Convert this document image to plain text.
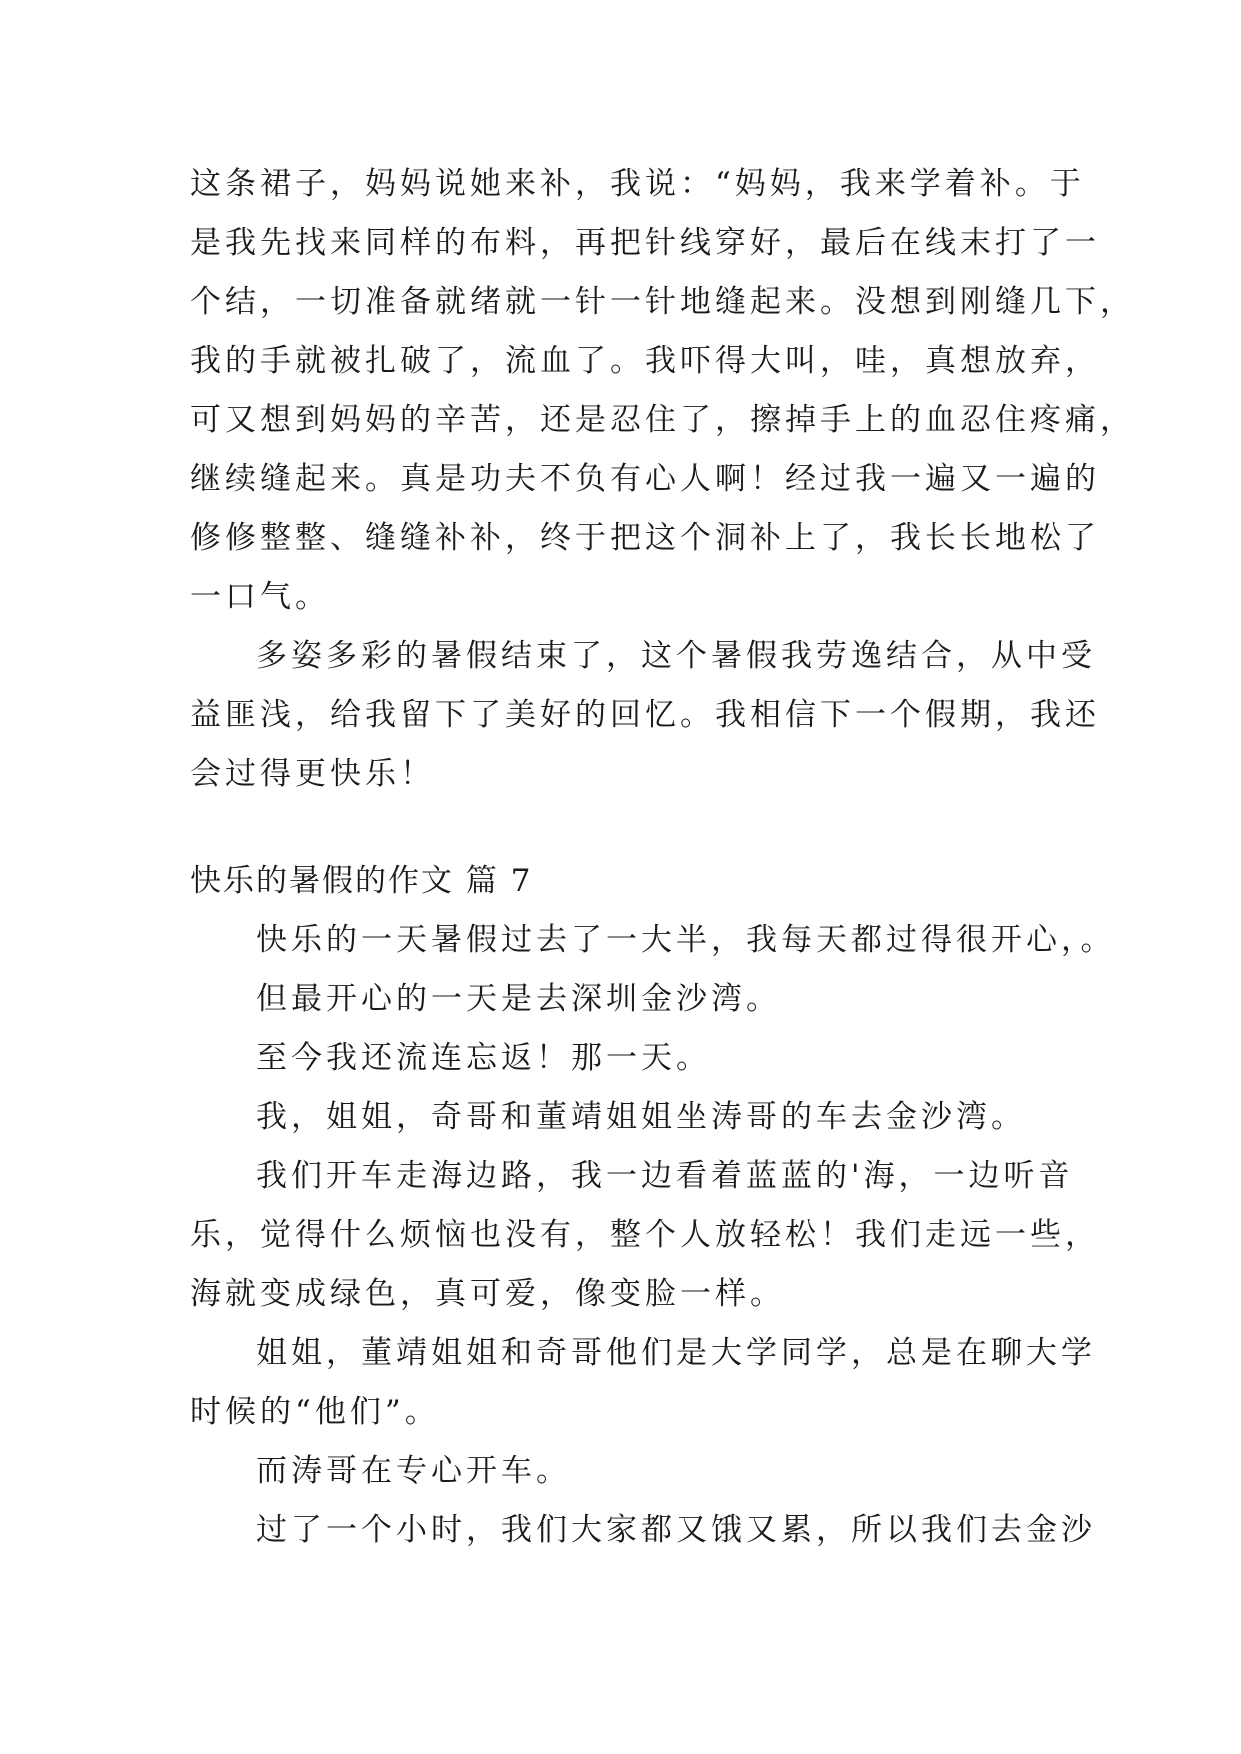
这条裙子，妈妈说她来补，我说：“妈妈，我来学着补。于
是我先找来同样的布料，再把针线穿好，最后在线末打了一
个结，一切准备就绪就一针一针地缝起来。没想到刚缝几下，
我的手就被扎破了，流血了。我吓得大叫，哇，真想放弃，
可又想到妈妈的辛苦，还是忍住了，擦掉手上的血忍住疼痛，
继续缝起来。真是功夫不负有心人啊！经过我一遍又一遍的
修修整整、缝缝补补，终于把这个洞补上了，我长长地松了
一口气。
多姿多彩的暑假结束了，这个暑假我劳逸结合，从中受
益匪浅，给我留下了美好的回忆。我相信下一个假期，我还
会过得更快乐！
快乐的暑假的作文 篇 7
快乐的一天暑假过去了一大半，我每天都过得很开心，。
但最开心的一天是去深圳金沙湾。
至今我还流连忘返！那一天。
我，姐姐，奇哥和董靖姐姐坐涛哥的车去金沙湾。
我们开车走海边路，我一边看着蓝蓝的'海，一边听音
乐，觉得什么烦恼也没有，整个人放轻松！我们走远一些，
海就变成绿色，真可爱，像变脸一样。
姐姐，董靖姐姐和奇哥他们是大学同学，总是在聊大学
时候的“他们”。
而涛哥在专心开车。
过了一个小时，我们大家都又饿又累，所以我们去金沙
